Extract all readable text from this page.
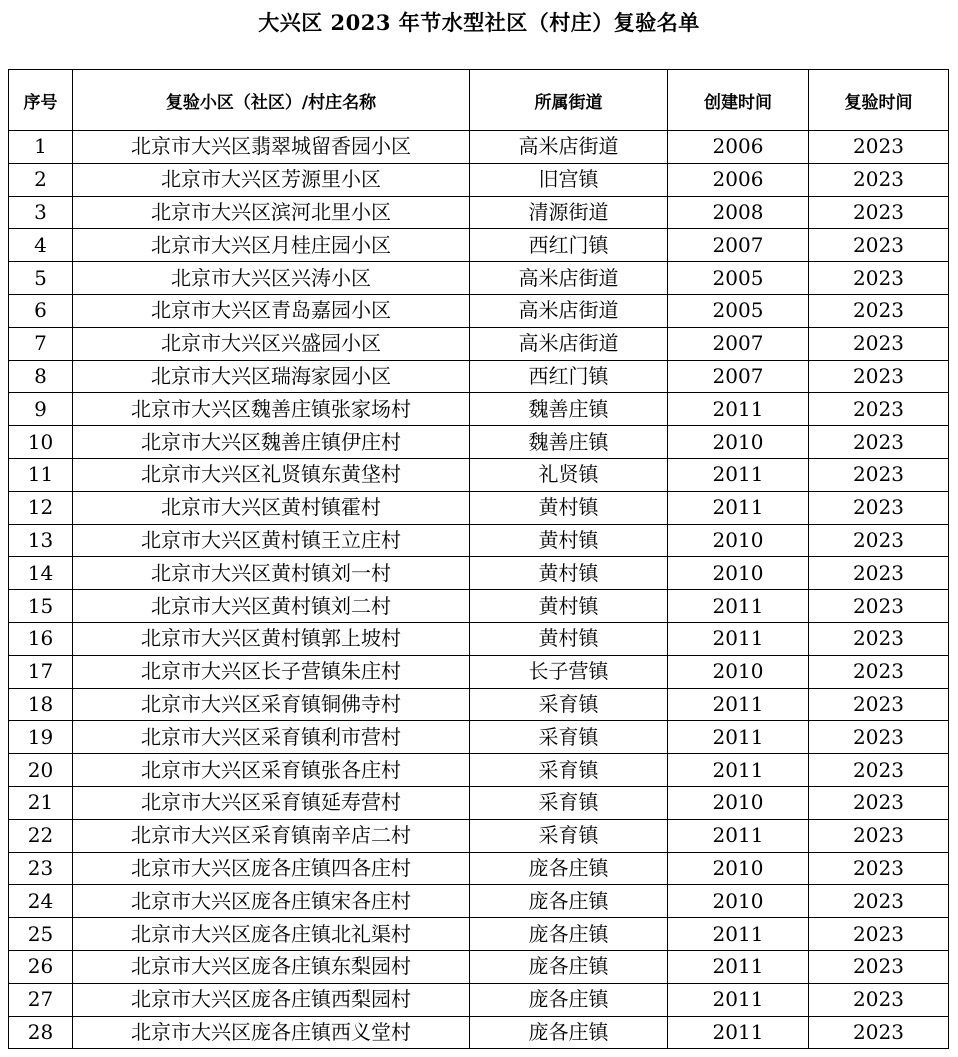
大兴区 2023 年节水型社区（村庄）复验名单
序号	复验小区（社区）/村庄名称	所属街道	创建时间	复验时间
1	北京市大兴区翡翠城留香园小区	高米店街道	2006	2023
2	北京市大兴区芳源里小区	旧宫镇	2006	2023
3	北京市大兴区滨河北里小区	清源街道	2008	2023
4	北京市大兴区月桂庄园小区	西红门镇	2007	2023
5	北京市大兴区兴涛小区	高米店街道	2005	2023
6	北京市大兴区青岛嘉园小区	高米店街道	2005	2023
7	北京市大兴区兴盛园小区	高米店街道	2007	2023
8	北京市大兴区瑞海家园小区	西红门镇	2007	2023
9	北京市大兴区魏善庄镇张家场村	魏善庄镇	2011	2023
10	北京市大兴区魏善庄镇伊庄村	魏善庄镇	2010	2023
11	北京市大兴区礼贤镇东黄垡村	礼贤镇	2011	2023
12	北京市大兴区黄村镇霍村	黄村镇	2011	2023
13	北京市大兴区黄村镇王立庄村	黄村镇	2010	2023
14	北京市大兴区黄村镇刘一村	黄村镇	2010	2023
15	北京市大兴区黄村镇刘二村	黄村镇	2011	2023
16	北京市大兴区黄村镇郭上坡村	黄村镇	2011	2023
17	北京市大兴区长子营镇朱庄村	长子营镇	2010	2023
18	北京市大兴区采育镇铜佛寺村	采育镇	2011	2023
19	北京市大兴区采育镇利市营村	采育镇	2011	2023
20	北京市大兴区采育镇张各庄村	采育镇	2011	2023
21	北京市大兴区采育镇延寿营村	采育镇	2010	2023
22	北京市大兴区采育镇南辛店二村	采育镇	2011	2023
23	北京市大兴区庞各庄镇四各庄村	庞各庄镇	2010	2023
24	北京市大兴区庞各庄镇宋各庄村	庞各庄镇	2010	2023
25	北京市大兴区庞各庄镇北礼渠村	庞各庄镇	2011	2023
26	北京市大兴区庞各庄镇东梨园村	庞各庄镇	2011	2023
27	北京市大兴区庞各庄镇西梨园村	庞各庄镇	2011	2023
28	北京市大兴区庞各庄镇西义堂村	庞各庄镇	2011	2023
